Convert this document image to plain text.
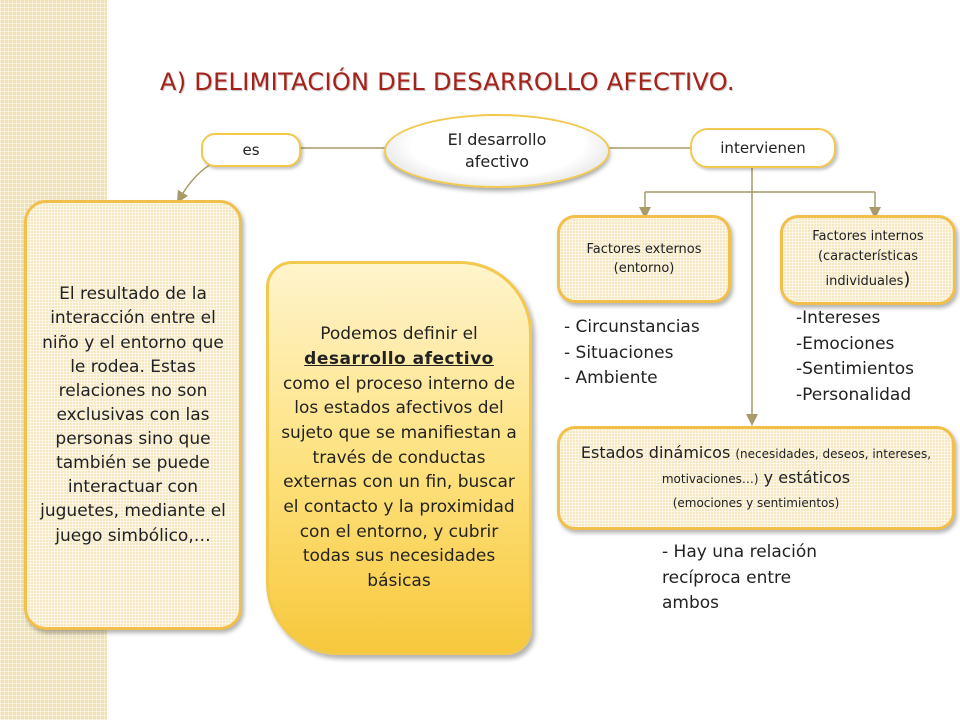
A) DELIMITACIÓN DEL DESARROLLO AFECTIVO.
es	intervienen
El desarrollo
afectivo
El resultado de la interacción entre el niño y el entorno que le rodea. Estas relaciones no son exclusivas con las personas sino que también se puede interactuar con juguetes, mediante el juego simbólico,…
Podemos definir el
desarrollo afectivo
como el proceso interno de los estados afectivos del sujeto que se manifiestan a través de conductas externas con un fin, buscar el contacto y la proximidad con el entorno, y cubrir todas sus necesidades básicas
Factores externos
(entorno)
Factores internos
(características
individuales)
- Circunstancias
- Situaciones
- Ambiente
-Intereses
-Emociones
-Sentimientos
-Personalidad
Estados dinámicos (necesidades, deseos, intereses, motivaciones…) y estáticos
(emociones y sentimientos)
- Hay una relación recíproca entre ambos
